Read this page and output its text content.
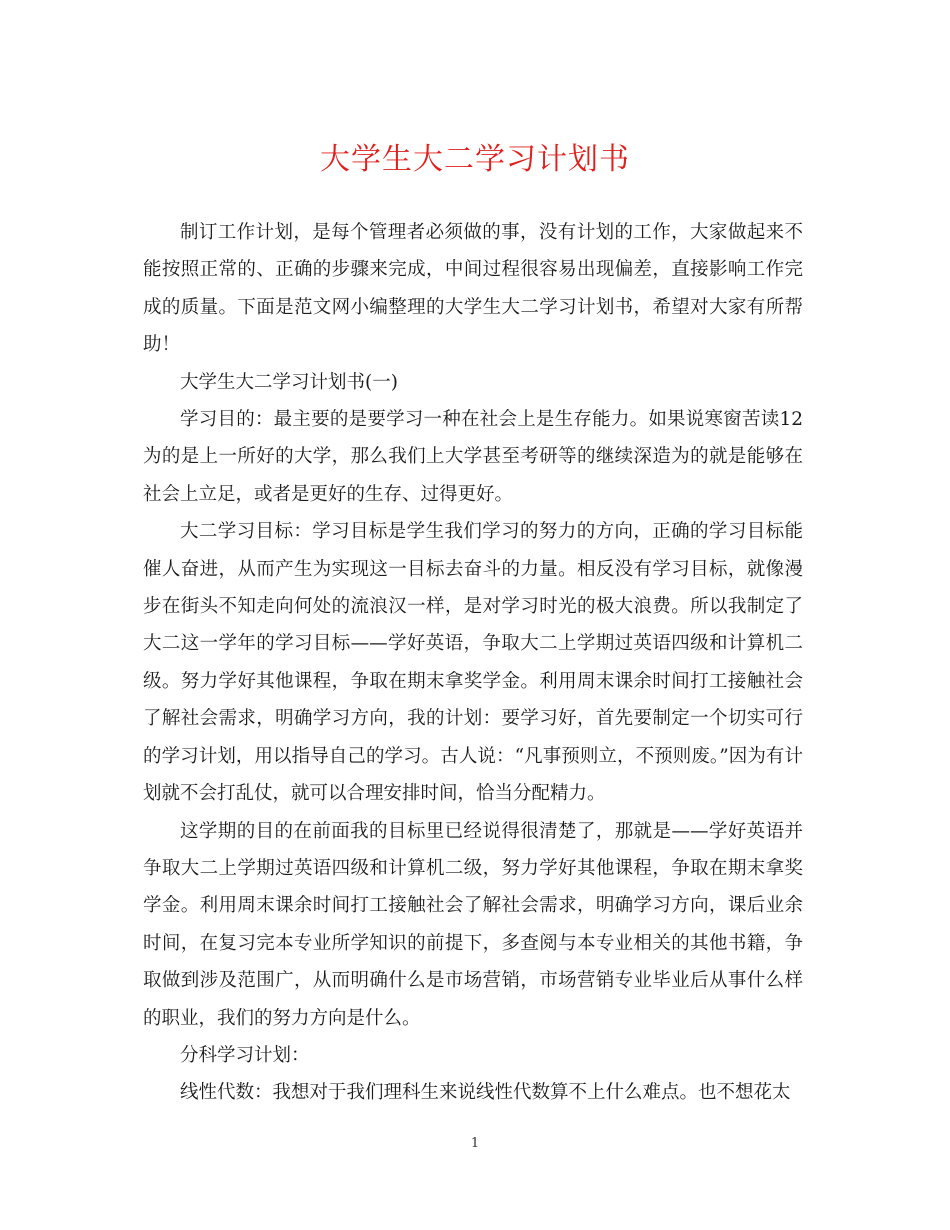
大学生大二学习计划书

制订工作计划，是每个管理者必须做的事，没有计划的工作，大家做起来不能按照正常的、正确的步骤来完成，中间过程很容易出现偏差，直接影响工作完成的质量。下面是范文网小编整理的大学生大二学习计划书，希望对大家有所帮助！

大学生大二学习计划书(一)

学习目的：最主要的是要学习一种在社会上是生存能力。如果说寒窗苦读12为的是上一所好的大学，那么我们上大学甚至考研等的继续深造为的就是能够在社会上立足，或者是更好的生存、过得更好。

大二学习目标：学习目标是学生我们学习的努力的方向，正确的学习目标能催人奋进，从而产生为实现这一目标去奋斗的力量。相反没有学习目标，就像漫步在街头不知走向何处的流浪汉一样，是对学习时光的极大浪费。所以我制定了大二这一学年的学习目标——学好英语，争取大二上学期过英语四级和计算机二级。努力学好其他课程，争取在期末拿奖学金。利用周末课余时间打工接触社会了解社会需求，明确学习方向，我的计划：要学习好，首先要制定一个切实可行的学习计划，用以指导自己的学习。古人说：“凡事预则立，不预则废。”因为有计划就不会打乱仗，就可以合理安排时间，恰当分配精力。

这学期的目的在前面我的目标里已经说得很清楚了，那就是——学好英语并争取大二上学期过英语四级和计算机二级，努力学好其他课程，争取在期末拿奖学金。利用周末课余时间打工接触社会了解社会需求，明确学习方向，课后业余时间，在复习完本专业所学知识的前提下，多查阅与本专业相关的其他书籍，争取做到涉及范围广，从而明确什么是市场营销，市场营销专业毕业后从事什么样的职业，我们的努力方向是什么。

分科学习计划：

线性代数：我想对于我们理科生来说线性代数算不上什么难点。也不想花太

1
